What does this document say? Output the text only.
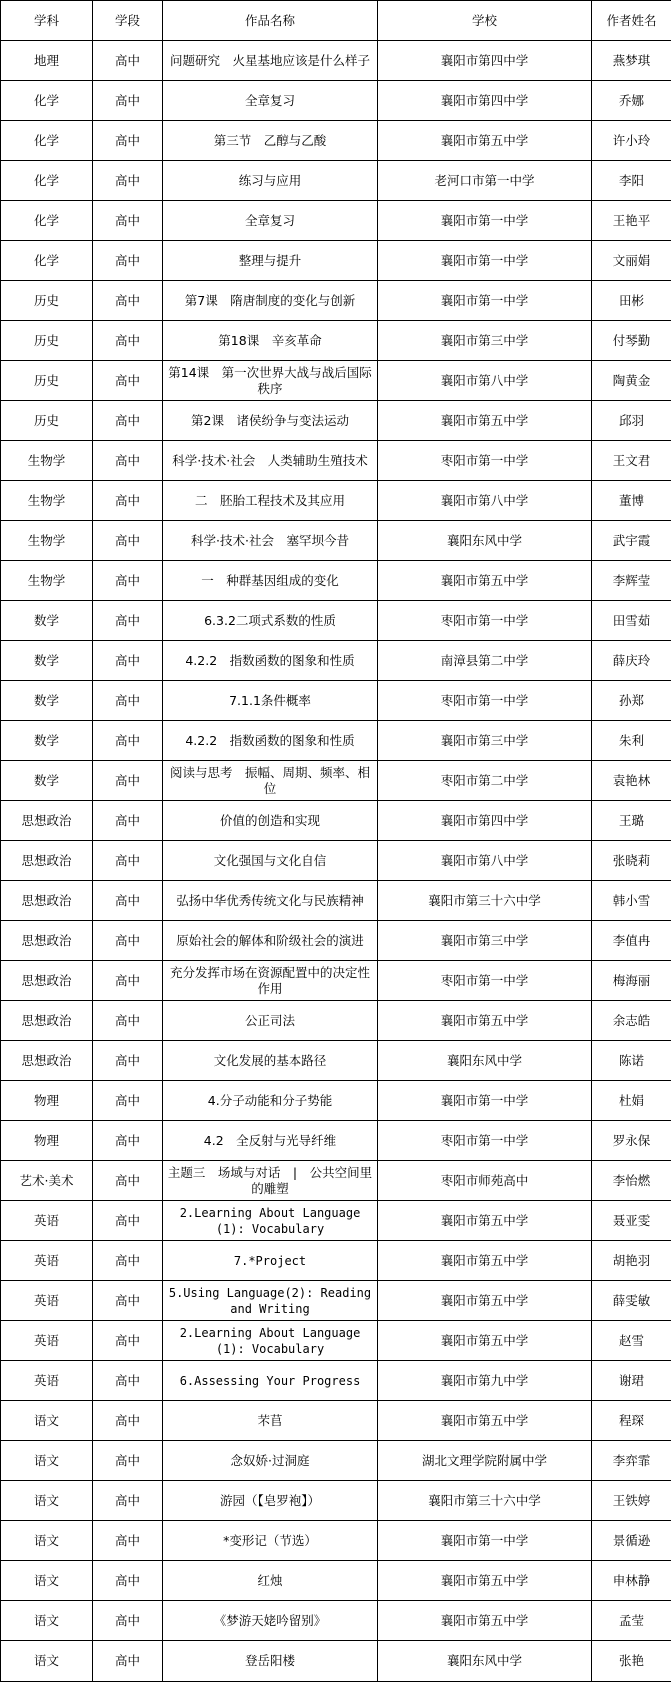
学科	学段	作品名称	学校	作者姓名
地理	高中	问题研究　火星基地应该是什么样子	襄阳市第四中学	燕梦琪
化学	高中	全章复习	襄阳市第四中学	乔娜
化学	高中	第三节　乙醇与乙酸	襄阳市第五中学	许小玲
化学	高中	练习与应用	老河口市第一中学	李阳
化学	高中	全章复习	襄阳市第一中学	王艳平
化学	高中	整理与提升	襄阳市第一中学	文丽娟
历史	高中	第7课　隋唐制度的变化与创新	襄阳市第一中学	田彬
历史	高中	第18课　辛亥革命	襄阳市第三中学	付琴勤
历史	高中	第14课　第一次世界大战与战后国际秩序	襄阳市第八中学	陶黄金
历史	高中	第2课　诸侯纷争与变法运动	襄阳市第五中学	邱羽
生物学	高中	科学·技术·社会　人类辅助生殖技术	枣阳市第一中学	王文君
生物学	高中	二　胚胎工程技术及其应用	襄阳市第八中学	董博
生物学	高中	科学·技术·社会　塞罕坝今昔	襄阳东风中学	武宇霞
生物学	高中	一　种群基因组成的变化	襄阳市第五中学	李辉莹
数学	高中	6.3.2二项式系数的性质	枣阳市第一中学	田雪茹
数学	高中	4.2.2　指数函数的图象和性质	南漳县第二中学	薛庆玲
数学	高中	7.1.1条件概率	枣阳市第一中学	孙郑
数学	高中	4.2.2　指数函数的图象和性质	襄阳市第三中学	朱利
数学	高中	阅读与思考　振幅、周期、频率、相位	枣阳市第二中学	袁艳林
思想政治	高中	价值的创造和实现	襄阳市第四中学	王璐
思想政治	高中	文化强国与文化自信	襄阳市第八中学	张晓莉
思想政治	高中	弘扬中华优秀传统文化与民族精神	襄阳市第三十六中学	韩小雪
思想政治	高中	原始社会的解体和阶级社会的演进	襄阳市第三中学	李值冉
思想政治	高中	充分发挥市场在资源配置中的决定性作用	枣阳市第一中学	梅海丽
思想政治	高中	公正司法	襄阳市第五中学	余志皓
思想政治	高中	文化发展的基本路径	襄阳东风中学	陈诺
物理	高中	4.分子动能和分子势能	襄阳市第一中学	杜娟
物理	高中	4.2　全反射与光导纤维	枣阳市第一中学	罗永保
艺术·美术	高中	主题三　场域与对话　|　公共空间里的雕塑	枣阳市师苑高中	李怡燃
英语	高中	2.Learning About Language (1): Vocabulary	襄阳市第五中学	聂亚雯
英语	高中	7.*Project	襄阳市第五中学	胡艳羽
英语	高中	5.Using Language(2): Reading and Writing	襄阳市第五中学	薛雯敏
英语	高中	2.Learning About Language (1): Vocabulary	襄阳市第五中学	赵雪
英语	高中	6.Assessing Your Progress	襄阳市第九中学	谢珺
语文	高中	芣苢	襄阳市第五中学	程琛
语文	高中	念奴娇·过洞庭	湖北文理学院附属中学	李弈霏
语文	高中	游园（【皂罗袍】）	襄阳市第三十六中学	王铁婷
语文	高中	*变形记（节选）	襄阳市第一中学	景循逊
语文	高中	红烛	襄阳市第五中学	申林静
语文	高中	《梦游天姥吟留别》	襄阳市第五中学	孟莹
语文	高中	登岳阳楼	襄阳东风中学	张艳
